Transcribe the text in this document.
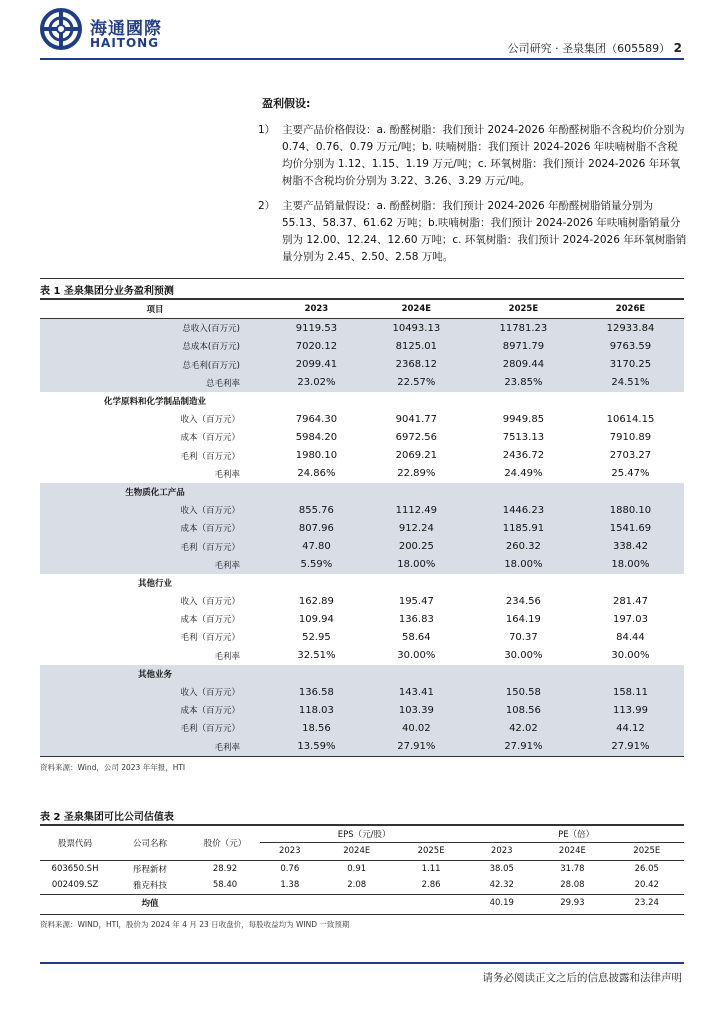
海通國際
HAITONG	公司研究 · 圣泉集团（605589） 2
盈利假设:
1） 主要产品价格假设：a. 酚醛树脂：我们预计 2024-2026 年酚醛树脂不含税均价分别为 0.74、0.76、0.79 万元/吨；b. 呋喃树脂：我们预计 2024-2026 年呋喃树脂不含税均价分别为 1.12、1.15、1.19 万元/吨；c. 环氧树脂：我们预计 2024-2026 年环氧树脂不含税均价分别为 3.22、3.26、3.29 万元/吨。
2） 主要产品销量假设：a. 酚醛树脂：我们预计 2024-2026 年酚醛树脂销量分别为 55.13、58.37、61.62 万吨；b.呋喃树脂：我们预计 2024-2026 年呋喃树脂销量分别为 12.00、12.24、12.60 万吨；c. 环氧树脂：我们预计 2024-2026 年环氧树脂销量分别为 2.45、2.50、2.58 万吨。
表 1 圣泉集团分业务盈利预测
项目	2023	2024E	2025E	2026E
总收入(百万元)	9119.53	10493.13	11781.23	12933.84
总成本(百万元)	7020.12	8125.01	8971.79	9763.59
总毛利(百万元)	2099.41	2368.12	2809.44	3170.25
总毛利率	23.02%	22.57%	23.85%	24.51%
化学原料和化学制品制造业				
收入（百万元）	7964.30	9041.77	9949.85	10614.15
成本（百万元）	5984.20	6972.56	7513.13	7910.89
毛利（百万元）	1980.10	2069.21	2436.72	2703.27
毛利率	24.86%	22.89%	24.49%	25.47%
生物质化工产品				
收入（百万元）	855.76	1112.49	1446.23	1880.10
成本（百万元）	807.96	912.24	1185.91	1541.69
毛利（百万元）	47.80	200.25	260.32	338.42
毛利率	5.59%	18.00%	18.00%	18.00%
其他行业				
收入（百万元）	162.89	195.47	234.56	281.47
成本（百万元）	109.94	136.83	164.19	197.03
毛利（百万元）	52.95	58.64	70.37	84.44
毛利率	32.51%	30.00%	30.00%	30.00%
其他业务				
收入（百万元）	136.58	143.41	150.58	158.11
成本（百万元）	118.03	103.39	108.56	113.99
毛利（百万元）	18.56	40.02	42.02	44.12
毛利率	13.59%	27.91%	27.91%	27.91%
资料来源：Wind，公司 2023 年年报，HTI
表 2 圣泉集团可比公司估值表
股票代码	公司名称	股价（元）	EPS（元/股）			PE（倍）		
			2023	2024E	2025E	2023	2024E	2025E
603650.SH	彤程新材	28.92	0.76	0.91	1.11	38.05	31.78	26.05
002409.SZ	雅克科技	58.40	1.38	2.08	2.86	42.32	28.08	20.42
均值						40.19	29.93	23.24
资料来源：WIND，HTI，股价为 2024 年 4 月 23 日收盘价，每股收益均为 WIND 一致预期
请务必阅读正文之后的信息披露和法律声明
